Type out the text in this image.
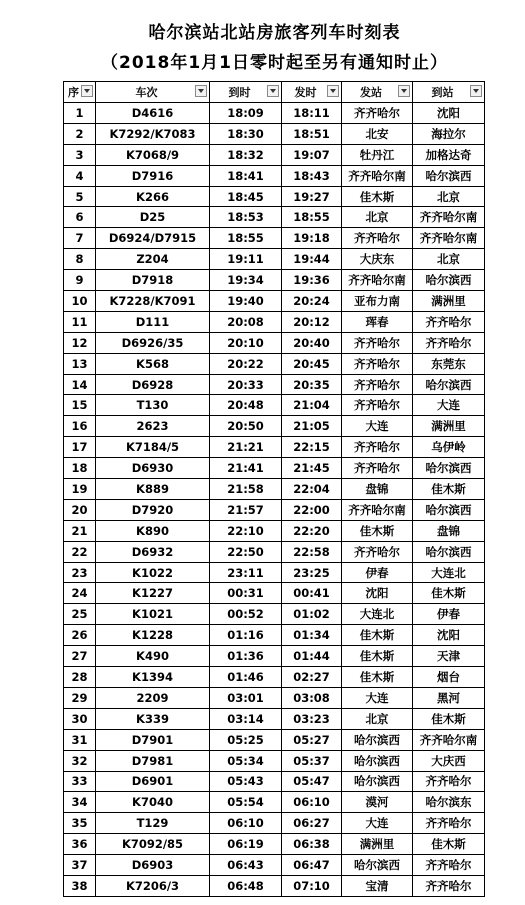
哈尔滨站北站房旅客列车时刻表
（2018年1月1日零时起至另有通知时止）
序	车次	到时	发时	发站	到站

1	D4616	18:09	18:11	齐齐哈尔	沈阳
2	K7292/K7083	18:30	18:51	北安	海拉尔
3	K7068/9	18:32	19:07	牡丹江	加格达奇
4	D7916	18:41	18:43	齐齐哈尔南	哈尔滨西
5	K266	18:45	19:27	佳木斯	北京
6	D25	18:53	18:55	北京	齐齐哈尔南
7	D6924/D7915	18:55	19:18	齐齐哈尔	齐齐哈尔南
8	Z204	19:11	19:44	大庆东	北京
9	D7918	19:34	19:36	齐齐哈尔南	哈尔滨西
10	K7228/K7091	19:40	20:24	亚布力南	满洲里
11	D111	20:08	20:12	珲春	齐齐哈尔
12	D6926/35	20:10	20:40	齐齐哈尔	齐齐哈尔
13	K568	20:22	20:45	齐齐哈尔	东莞东
14	D6928	20:33	20:35	齐齐哈尔	哈尔滨西
15	T130	20:48	21:04	齐齐哈尔	大连
16	2623	20:50	21:05	大连	满洲里
17	K7184/5	21:21	22:15	齐齐哈尔	乌伊岭
18	D6930	21:41	21:45	齐齐哈尔	哈尔滨西
19	K889	21:58	22:04	盘锦	佳木斯
20	D7920	21:57	22:00	齐齐哈尔南	哈尔滨西
21	K890	22:10	22:20	佳木斯	盘锦
22	D6932	22:50	22:58	齐齐哈尔	哈尔滨西
23	K1022	23:11	23:25	伊春	大连北
24	K1227	00:31	00:41	沈阳	佳木斯
25	K1021	00:52	01:02	大连北	伊春
26	K1228	01:16	01:34	佳木斯	沈阳
27	K490	01:36	01:44	佳木斯	天津
28	K1394	01:46	02:27	佳木斯	烟台
29	2209	03:01	03:08	大连	黑河
30	K339	03:14	03:23	北京	佳木斯
31	D7901	05:25	05:27	哈尔滨西	齐齐哈尔南
32	D7981	05:34	05:37	哈尔滨西	大庆西
33	D6901	05:43	05:47	哈尔滨西	齐齐哈尔
34	K7040	05:54	06:10	漠河	哈尔滨东
35	T129	06:10	06:27	大连	齐齐哈尔
36	K7092/85	06:19	06:38	满洲里	佳木斯
37	D6903	06:43	06:47	哈尔滨西	齐齐哈尔
38	K7206/3	06:48	07:10	宝清	齐齐哈尔
